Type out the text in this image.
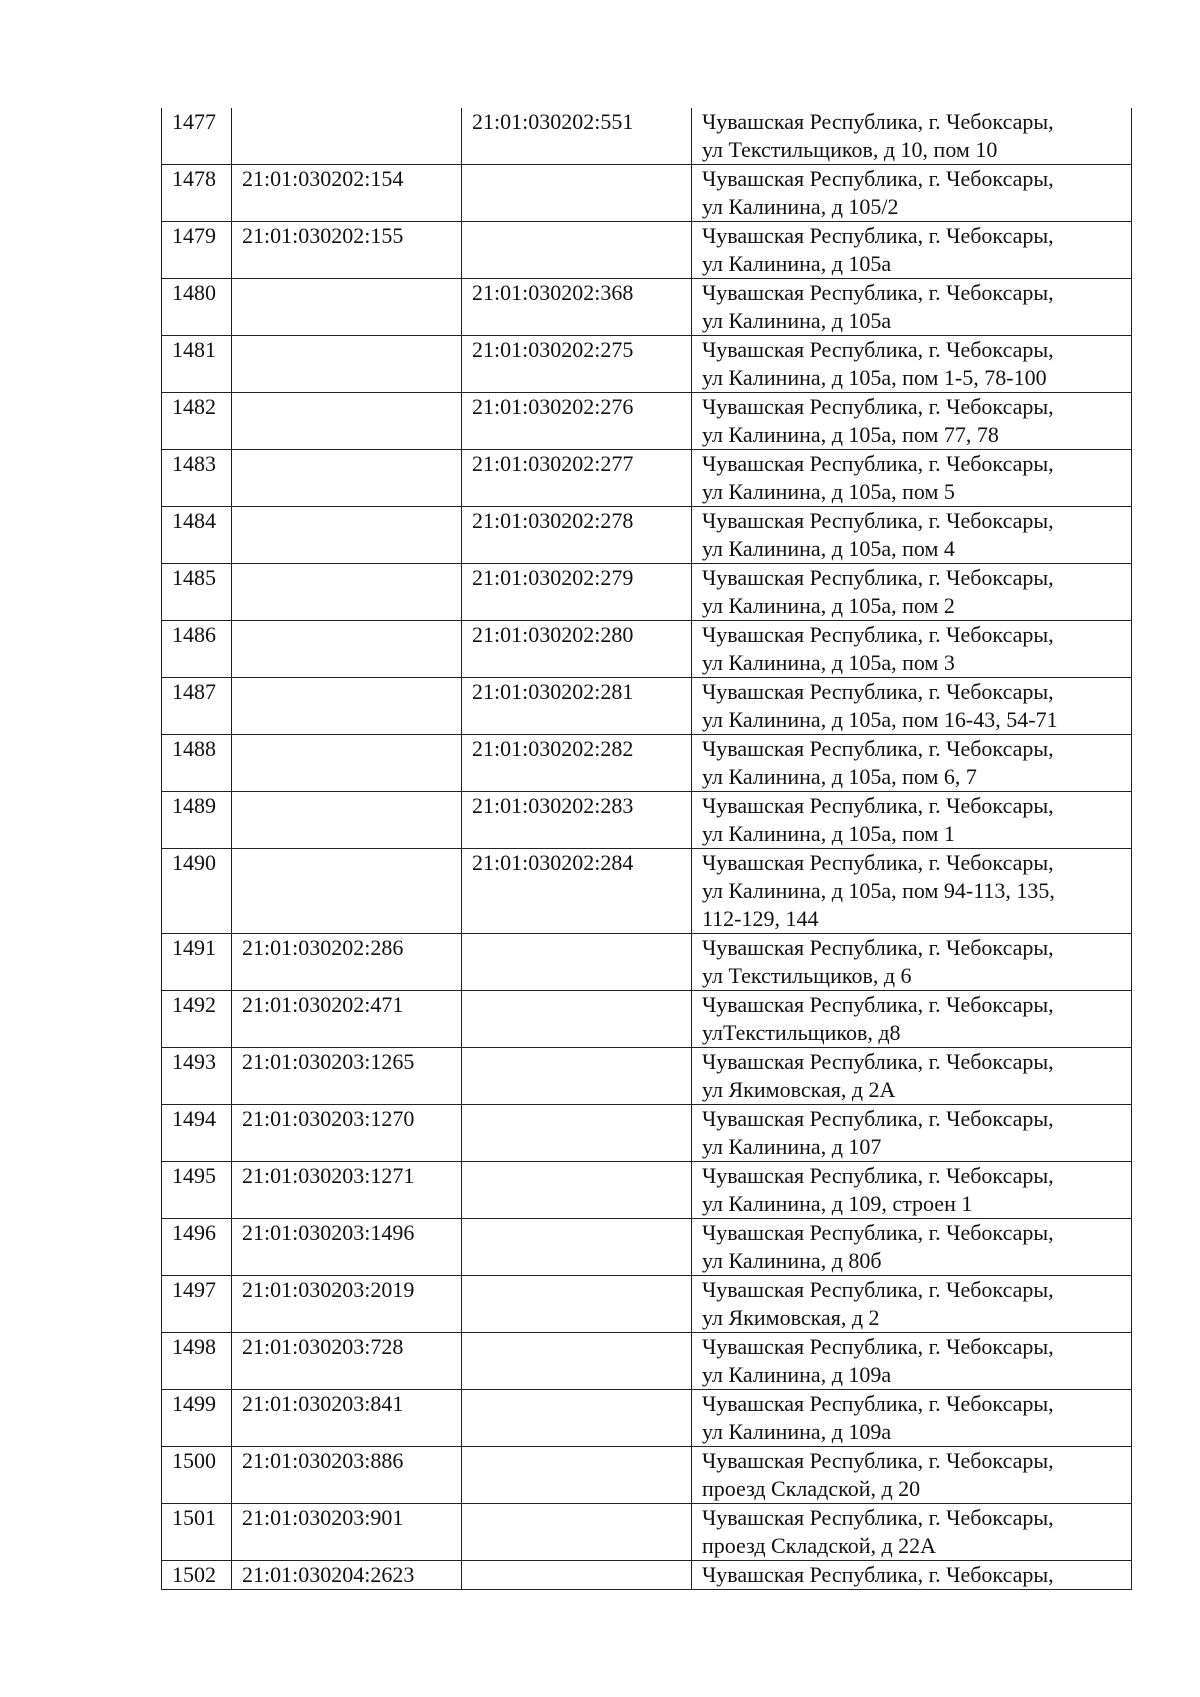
1477		21:01:030202:551	Чувашская Республика, г. Чебоксары,
ул Текстильщиков, д 10, пом 10
1478	21:01:030202:154		Чувашская Республика, г. Чебоксары,
ул Калинина, д 105/2
1479	21:01:030202:155		Чувашская Республика, г. Чебоксары,
ул Калинина, д 105а
1480		21:01:030202:368	Чувашская Республика, г. Чебоксары,
ул Калинина, д 105а
1481		21:01:030202:275	Чувашская Республика, г. Чебоксары,
ул Калинина, д 105а, пом 1-5, 78-100
1482		21:01:030202:276	Чувашская Республика, г. Чебоксары,
ул Калинина, д 105а, пом 77, 78
1483		21:01:030202:277	Чувашская Республика, г. Чебоксары,
ул Калинина, д 105а, пом 5
1484		21:01:030202:278	Чувашская Республика, г. Чебоксары,
ул Калинина, д 105а, пом 4
1485		21:01:030202:279	Чувашская Республика, г. Чебоксары,
ул Калинина, д 105а, пом 2
1486		21:01:030202:280	Чувашская Республика, г. Чебоксары,
ул Калинина, д 105а, пом 3
1487		21:01:030202:281	Чувашская Республика, г. Чебоксары,
ул Калинина, д 105а, пом 16-43, 54-71
1488		21:01:030202:282	Чувашская Республика, г. Чебоксары,
ул Калинина, д 105а, пом 6, 7
1489		21:01:030202:283	Чувашская Республика, г. Чебоксары,
ул Калинина, д 105а, пом 1
1490		21:01:030202:284	Чувашская Республика, г. Чебоксары,
ул Калинина, д 105а, пом 94-113, 135,
112-129, 144
1491	21:01:030202:286		Чувашская Республика, г. Чебоксары,
ул Текстильщиков, д 6
1492	21:01:030202:471		Чувашская Республика, г. Чебоксары,
улТекстильщиков, д8
1493	21:01:030203:1265		Чувашская Республика, г. Чебоксары,
ул Якимовская, д 2А
1494	21:01:030203:1270		Чувашская Республика, г. Чебоксары,
ул Калинина, д 107
1495	21:01:030203:1271		Чувашская Республика, г. Чебоксары,
ул Калинина, д 109, строен 1
1496	21:01:030203:1496		Чувашская Республика, г. Чебоксары,
ул Калинина, д 80б
1497	21:01:030203:2019		Чувашская Республика, г. Чебоксары,
ул Якимовская, д 2
1498	21:01:030203:728		Чувашская Республика, г. Чебоксары,
ул Калинина, д 109а
1499	21:01:030203:841		Чувашская Республика, г. Чебоксары,
ул Калинина, д 109а
1500	21:01:030203:886		Чувашская Республика, г. Чебоксары,
проезд Складской, д 20
1501	21:01:030203:901		Чувашская Республика, г. Чебоксары,
проезд Складской, д 22А
1502	21:01:030204:2623		Чувашская Республика, г. Чебоксары,
